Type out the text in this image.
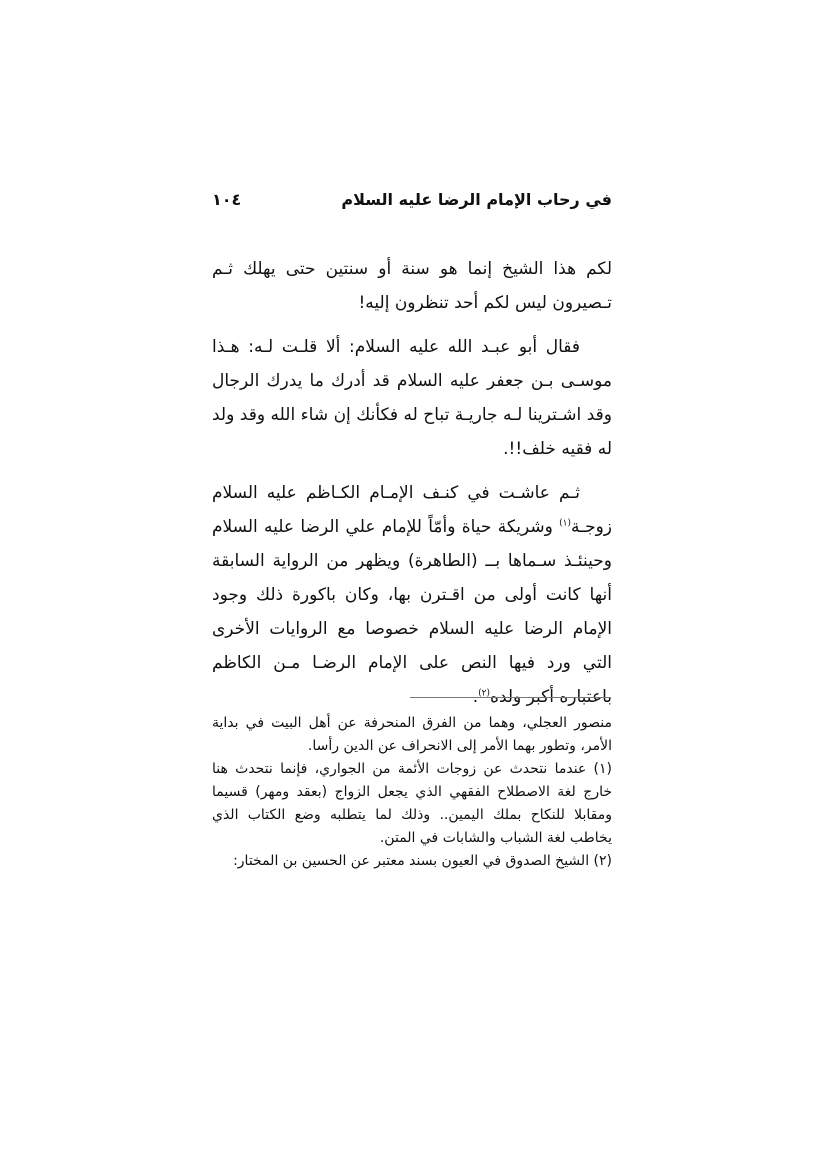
في رحاب الإمام الرضا ‏عليه السلام
١٠٤

لكم هذا الشيخ إنما هو سنة أو سنتين حتى يهلك ثـم تـصيرون ليس لكم أحد تنظرون إليه!

فقال أبو عبـد الله عليه السلام: ألا قلـت لـه: هـذا موسـى بـن جعفر عليه السلام قد أدرك ما يدرك الرجال وقد اشـترينا لـه جاريـة تباح له فكأنك إن شاء الله وقد ولد له فقيه خلف!!.

ثـم عاشـت في كنـف الإمـام الكـاظم عليه السلام زوجـة$^{(١)}$ وشريكة حياة وأمّاً للإمام علي الرضا عليه السلام وحينئـذ سـماها بــ (الطاهرة) ويظهر من الرواية السابقة أنها كانت أولى من اقـترن بها، وكان باكورة ذلك وجود الإمام الرضا عليه السلام خصوصا مع الروايات الأخرى التي ورد فيها النص على الإمام الرضـا مـن الكاظم باعتباره أكبر ولده$^{(٢)}$.

منصور العجلي، وهما من الفرق المنحرفة عن أهل البيت في بداية الأمر، وتطور بهما الأمر إلى الانحراف عن الدين رأسا.

(١) عندما نتحدث عن زوجات الأئمة من الجواري، فإنما نتحدث هنا خارج لغة الاصطلاح الفقهي الذي يجعل الزواج (بعقد ومهر) قسيما ومقابلا للنكاح بملك اليمين.. وذلك لما يتطلبه وضع الكتاب الذي يخاطب لغة الشباب والشابات في المتن.

(٢) الشيخ الصدوق في العيون بسند معتبر عن الحسين بن المختار:
